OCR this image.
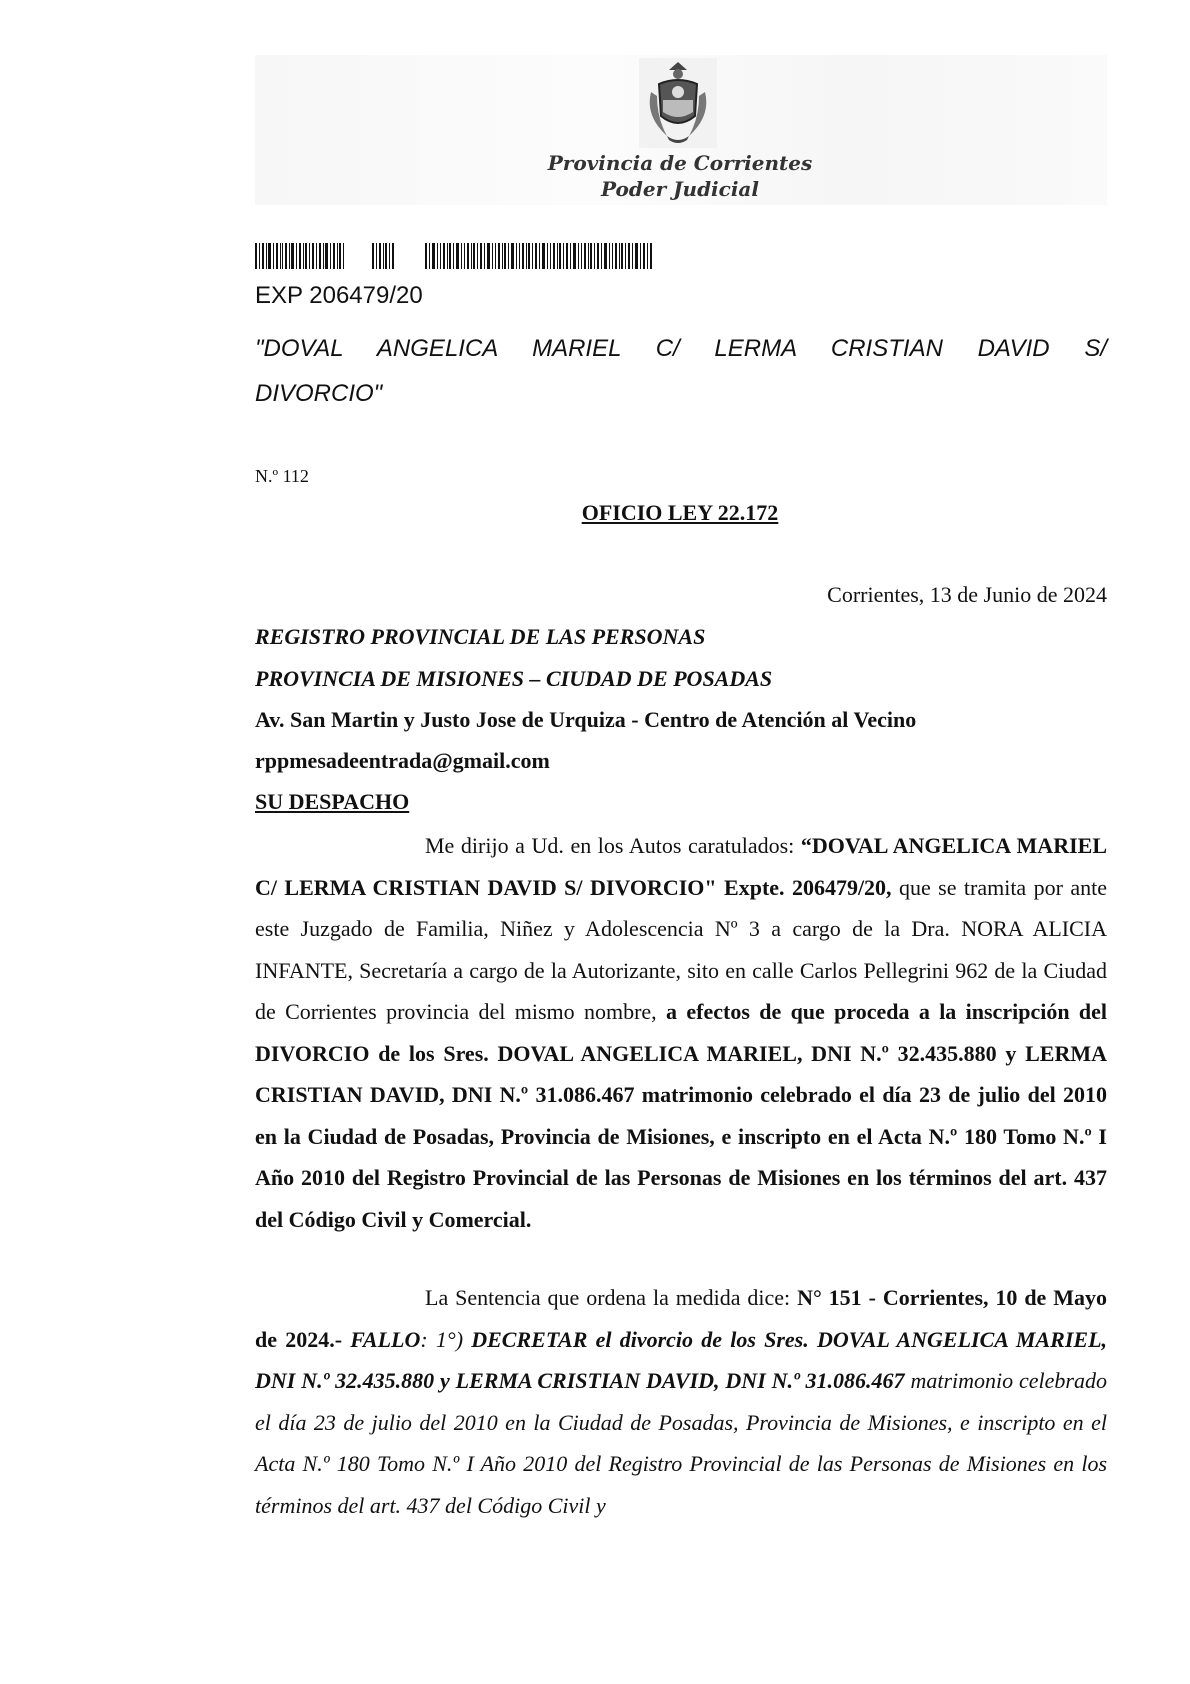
Provincia de Corrientes
Poder Judicial
EXP 206479/20
"DOVAL ANGELICA MARIEL C/ LERMA CRISTIAN DAVID S/ DIVORCIO"
N.º 112
OFICIO LEY 22.172
Corrientes, 13 de Junio de 2024
REGISTRO PROVINCIAL DE LAS PERSONAS
PROVINCIA DE MISIONES – CIUDAD DE POSADAS
Av. San Martin y Justo Jose de Urquiza - Centro de Atención al Vecino
rppmesadeentrada@gmail.com
SU DESPACHO

Me dirijo a Ud. en los Autos caratulados: “DOVAL ANGELICA MARIEL C/ LERMA CRISTIAN DAVID S/ DIVORCIO" Expte. 206479/20, que se tramita por ante este Juzgado de Familia, Niñez y Adolescencia Nº 3 a cargo de la Dra. NORA ALICIA INFANTE, Secretaría a cargo de la Autorizante, sito en calle Carlos Pellegrini 962 de la Ciudad de Corrientes provincia del mismo nombre, a efectos de que proceda a la inscripción del DIVORCIO de los Sres. DOVAL ANGELICA MARIEL, DNI N.º 32.435.880 y LERMA CRISTIAN DAVID, DNI N.º 31.086.467 matrimonio celebrado el día 23 de julio del 2010 en la Ciudad de Posadas, Provincia de Misiones, e inscripto en el Acta N.º 180 Tomo N.º I Año 2010 del Registro Provincial de las Personas de Misiones en los términos del art. 437 del Código Civil y Comercial.

La Sentencia que ordena la medida dice: N° 151 - Corrientes, 10 de Mayo de 2024.- FALLO: 1°) DECRETAR el divorcio de los Sres. DOVAL ANGELICA MARIEL, DNI N.º 32.435.880 y LERMA CRISTIAN DAVID, DNI N.º 31.086.467 matrimonio celebrado el día 23 de julio del 2010 en la Ciudad de Posadas, Provincia de Misiones, e inscripto en el Acta N.º 180 Tomo N.º I Año 2010 del Registro Provincial de las Personas de Misiones en los términos del art. 437 del Código Civil y
